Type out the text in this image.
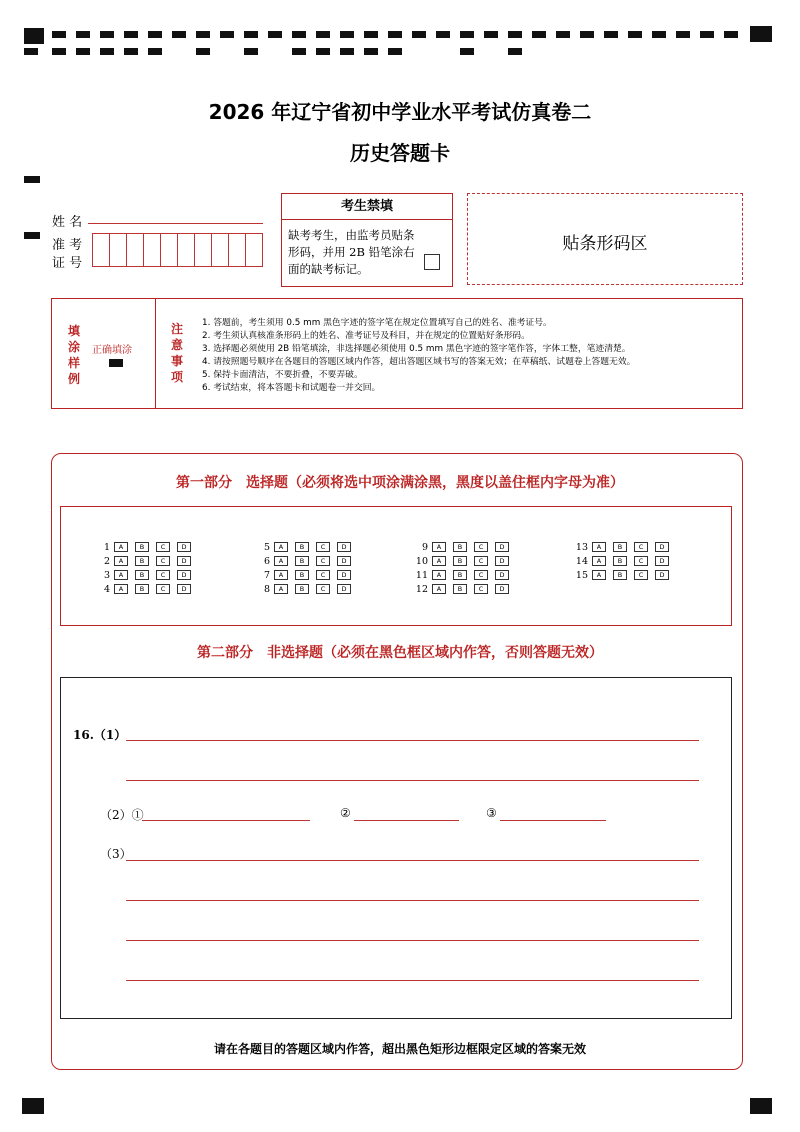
2026 年辽宁省初中学业水平考试仿真卷二
历史答题卡
姓 名
准 考
证 号
考生禁填
缺考考生，由监考员贴条形码，并用 2B 铅笔涂右面的缺考标记。
贴条形码区
填涂样例
正确填涂
注意事项
1. 答题前，考生须用 0.5 mm 黑色字迹的签字笔在规定位置填写自己的姓名、准考证号。
2. 考生须认真核准条形码上的姓名、准考证号及科目，并在规定的位置贴好条形码。
3. 选择题必须使用 2B 铅笔填涂，非选择题必须使用 0.5 mm 黑色字迹的签字笔作答，字体工整，笔迹清楚。
4. 请按照题号顺序在各题目的答题区域内作答，超出答题区域书写的答案无效；在草稿纸、试题卷上答题无效。
5. 保持卡面清洁，不要折叠，不要弄破。
6. 考试结束，将本答题卡和试题卷一并交回。
第一部分　选择题（必须将选中项涂满涂黑，黑度以盖住框内字母为准）
1	A	B	C	D
2	A	B	C	D
3	A	B	C	D
4	A	B	C	D
5	A	B	C	D
6	A	B	C	D
7	A	B	C	D
8	A	B	C	D
9	A	B	C	D
10	A	B	C	D
11	A	B	C	D
12	A	B	C	D
13	A	B	C	D
14	A	B	C	D
15	A	B	C	D
第二部分　非选择题（必须在黑色框区域内作答，否则答题无效）
16.（1）
（2）①	②	③
（3）
请在各题目的答题区域内作答，超出黑色矩形边框限定区域的答案无效
